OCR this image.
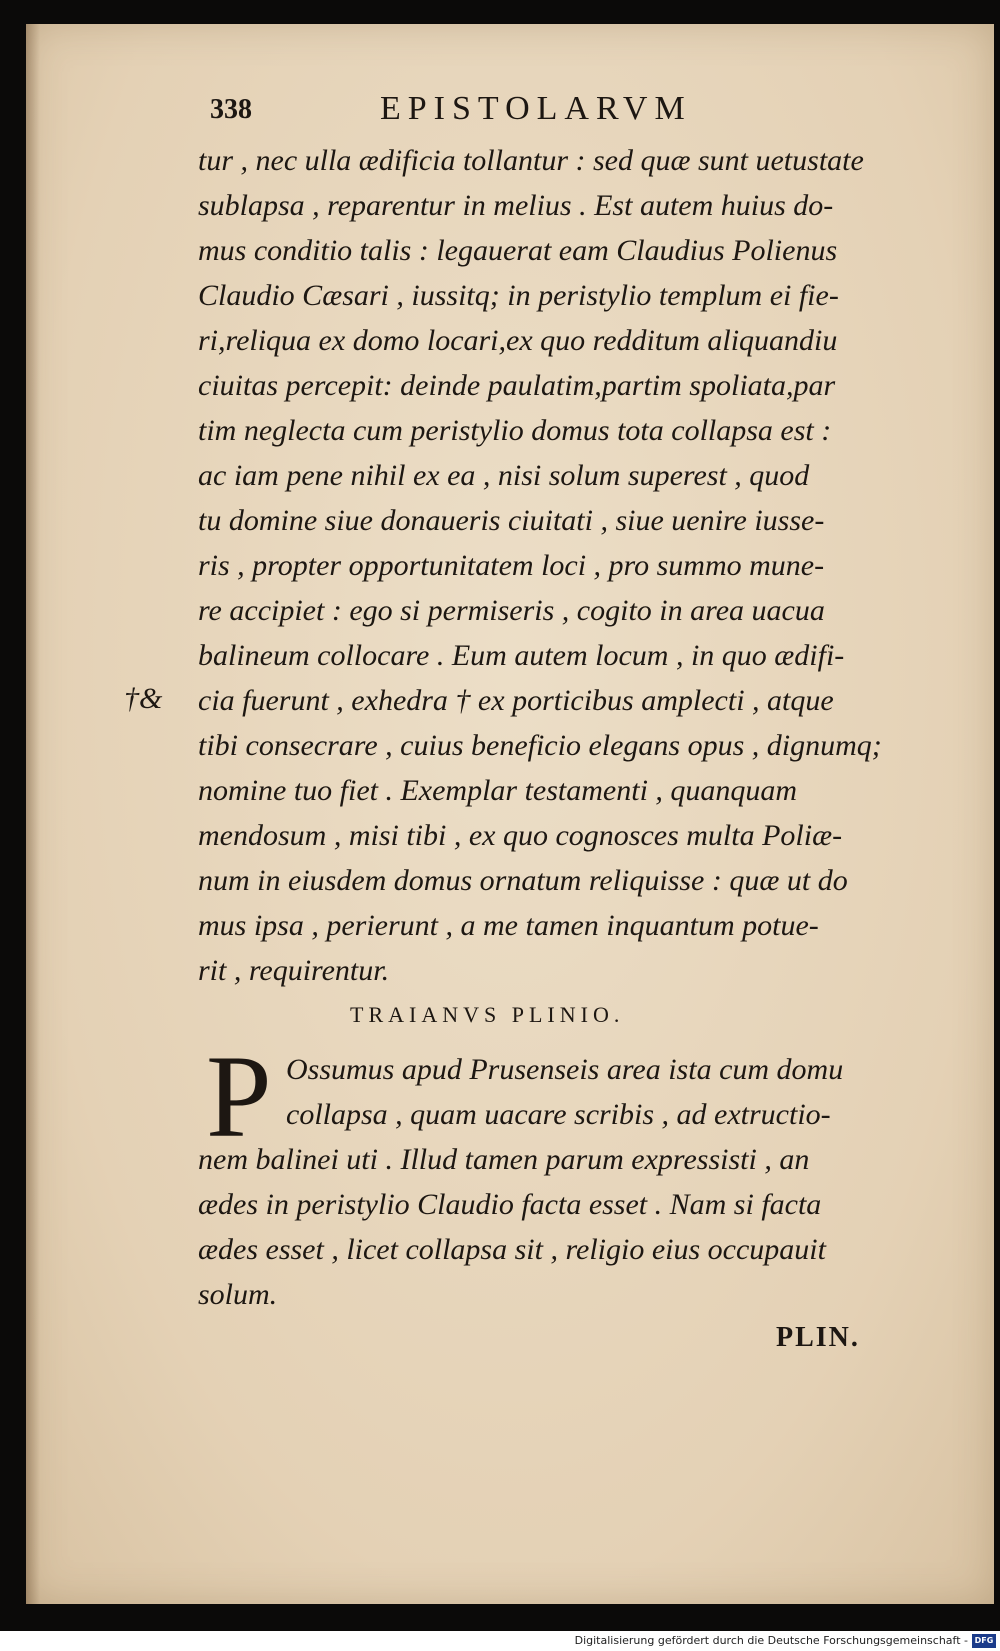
338	EPISTOLARVM
tur , nec ulla ædificia tollantur : sed quæ sunt uetustate
sublapsa , reparentur in melius . Est autem huius do-
mus conditio talis : legauerat eam Claudius Polienus
Claudio Cæsari , iussitq; in peristylio templum ei fie-
ri,reliqua ex domo locari,ex quo redditum aliquandiu
ciuitas percepit: deinde paulatim,partim spoliata,par
tim neglecta cum peristylio domus tota collapsa est :
ac iam pene nihil ex ea , nisi solum superest , quod
tu domine siue donaueris ciuitati , siue uenire iusse-
ris , propter opportunitatem loci , pro summo mune-
re accipiet : ego si permiseris , cogito in area uacua
balineum collocare . Eum autem locum , in quo ædifi-
cia fuerunt , exhedra † ex porticibus amplecti , atque
tibi consecrare , cuius beneficio elegans opus , dignumq;
nomine tuo fiet . Exemplar testamenti , quanquam
mendosum , misi tibi , ex quo cognosces multa Poliæ-
num in eiusdem domus ornatum reliquisse : quæ ut do
mus ipsa , perierunt , a me tamen inquantum potue-
rit , requirentur.
†&
TRAIANVS PLINIO.
P Ossumus apud Prusenseis area ista cum domu
collapsa , quam uacare scribis , ad extructio-
nem balinei uti . Illud tamen parum expressisti , an
ædes in peristylio Claudio facta esset . Nam si facta
ædes esset , licet collapsa sit , religio eius occupauit
solum.
PLIN.
Digitalisierung gefördert durch die Deutsche Forschungsgemeinschaft - DFG
